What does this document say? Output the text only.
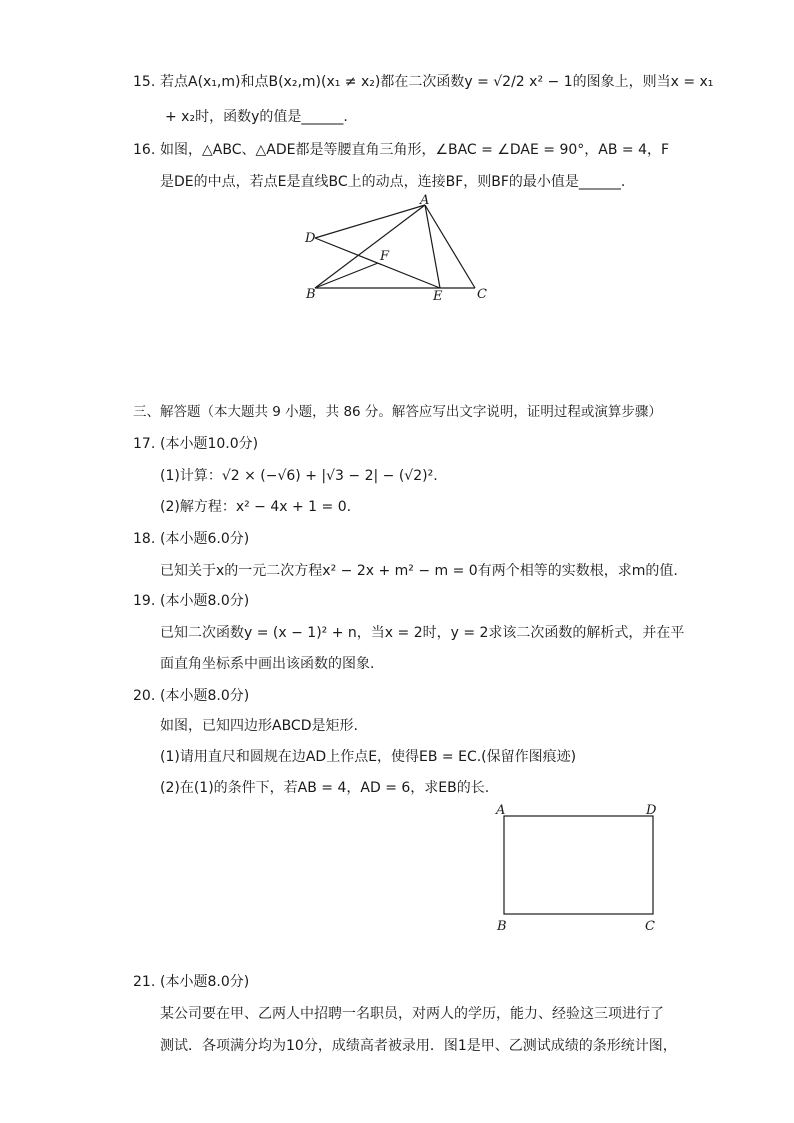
15. 若点A(x₁,m)和点B(x₂,m)(x₁ ≠ x₂)都在二次函数y = √2/2 x² − 1的图象上，则当x = x₁
+ x₂时，函数y的值是______.
16. 如图，△ABC、△ADE都是等腰直角三角形，∠BAC = ∠DAE = 90°，AB = 4，F
是DE的中点，若点E是直线BC上的动点，连接BF，则BF的最小值是______.
A
D
F
B	E	C
三、解答题（本大题共 9 小题，共 86 分。解答应写出文字说明，证明过程或演算步骤）
17. (本小题10.0分)
(1)计算：√2 × (−√6) + |√3 − 2| − (√2)².
(2)解方程：x² − 4x + 1 = 0.
18. (本小题6.0分)
已知关于x的一元二次方程x² − 2x + m² − m = 0有两个相等的实数根，求m的值.
19. (本小题8.0分)
已知二次函数y = (x − 1)² + n，当x = 2时，y = 2求该二次函数的解析式，并在平
面直角坐标系中画出该函数的图象.
20. (本小题8.0分)
如图，已知四边形ABCD是矩形.
(1)请用直尺和圆规在边AD上作点E，使得EB = EC.(保留作图痕迹)
(2)在(1)的条件下，若AB = 4，AD = 6，求EB的长.
A	D
B	C
21. (本小题8.0分)
某公司要在甲、乙两人中招聘一名职员，对两人的学历，能力、经验这三项进行了
测试．各项满分均为10分，成绩高者被录用．图1是甲、乙测试成绩的条形统计图，
